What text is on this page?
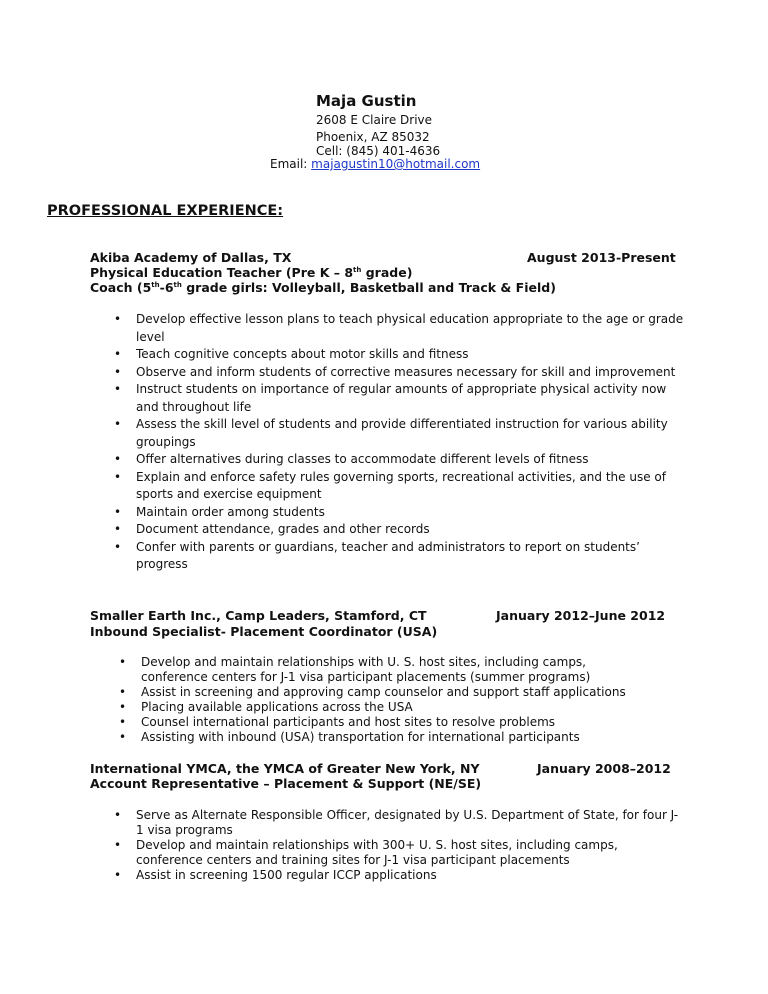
Maja Gustin
2608 E Claire Drive
Phoenix, AZ 85032
Cell: (845) 401-4636
Email: majagustin10@hotmail.com
PROFESSIONAL EXPERIENCE:
Akiba Academy of Dallas, TX	August 2013-Present
Physical Education Teacher (Pre K – 8th grade)
Coach (5th-6th grade girls: Volleyball, Basketball and Track & Field)
• Develop effective lesson plans to teach physical education appropriate to the age or grade level
• Teach cognitive concepts about motor skills and fitness
• Observe and inform students of corrective measures necessary for skill and improvement
• Instruct students on importance of regular amounts of appropriate physical activity now and throughout life
• Assess the skill level of students and provide differentiated instruction for various ability groupings
• Offer alternatives during classes to accommodate different levels of fitness
• Explain and enforce safety rules governing sports, recreational activities, and the use of sports and exercise equipment
• Maintain order among students
• Document attendance, grades and other records
• Confer with parents or guardians, teacher and administrators to report on students’ progress
Smaller Earth Inc., Camp Leaders, Stamford, CT	January 2012–June 2012
Inbound Specialist- Placement Coordinator (USA)
• Develop and maintain relationships with U. S. host sites, including camps, conference centers for J-1 visa participant placements (summer programs)
• Assist in screening and approving camp counselor and support staff applications
• Placing available applications across the USA
• Counsel international participants and host sites to resolve problems
• Assisting with inbound (USA) transportation for international participants
International YMCA, the YMCA of Greater New York, NY	January 2008–2012
Account Representative – Placement & Support (NE/SE)
• Serve as Alternate Responsible Officer, designated by U.S. Department of State, for four J-1 visa programs
• Develop and maintain relationships with 300+ U. S. host sites, including camps, conference centers and training sites for J-1 visa participant placements
• Assist in screening 1500 regular ICCP applications
